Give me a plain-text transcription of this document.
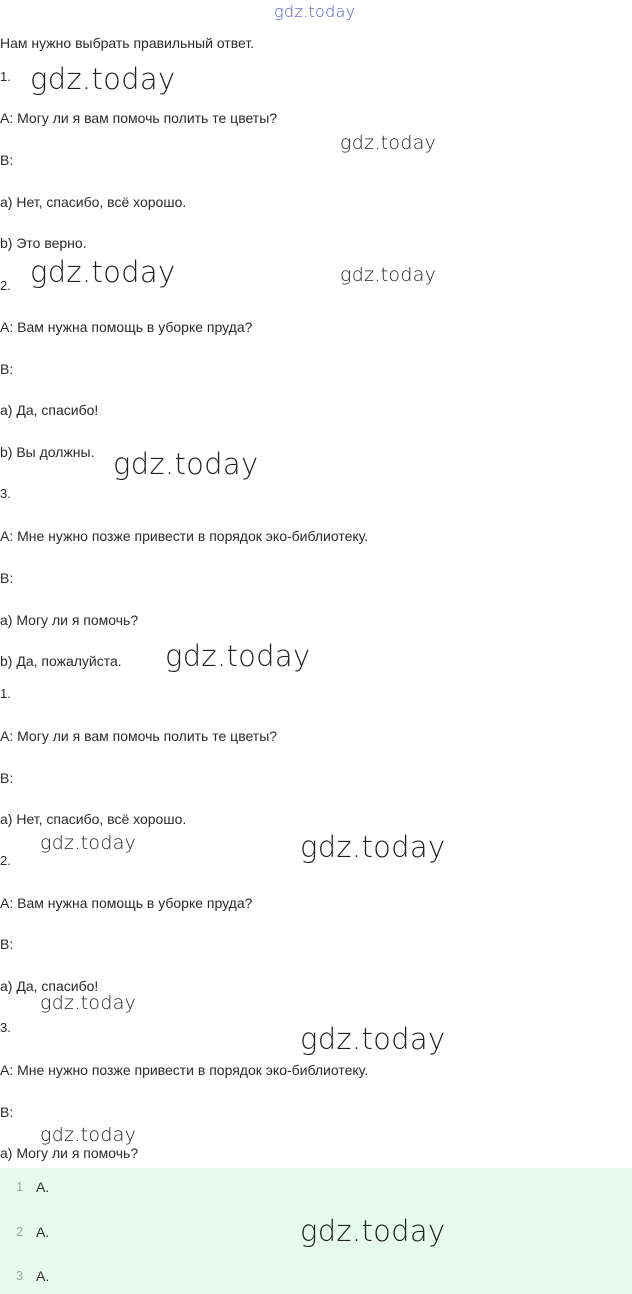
gdz.today
Нам нужно выбрать правильный ответ.
1. gdz.today
A: Могу ли я вам помочь полить те цветы?
gdz.today
B:
a) Нет, спасибо, всё хорошо.
b) Это верно.
gdz.today	gdz.today
2.
A: Вам нужна помощь в уборке пруда?
B:
a) Да, спасибо!
b) Вы должны. gdz.today
3.
A: Мне нужно позже привести в порядок эко-библиотеку.
B:
a) Могу ли я помочь?
b) Да, пожалуйста. gdz.today
1.
A: Могу ли я вам помочь полить те цветы?
B:
a) Нет, спасибо, всё хорошо.
gdz.today	gdz.today
2.
A: Вам нужна помощь в уборке пруда?
B:
a) Да, спасибо!
gdz.today
3.	gdz.today
A: Мне нужно позже привести в порядок эко-библиотеку.
B:
gdz.today
a) Могу ли я помочь?
1 A.
2 A.
3 A.
gdz.today
